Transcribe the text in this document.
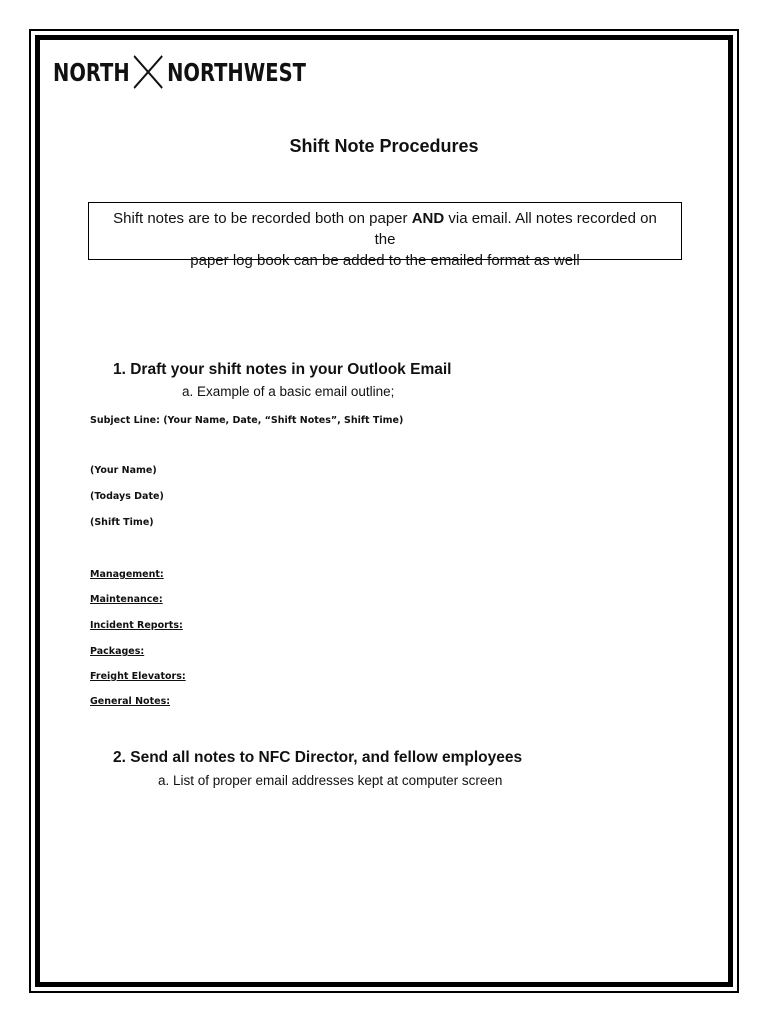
NORTH NORTHWEST
Shift Note Procedures
Shift notes are to be recorded both on paper AND via email. All notes recorded on the
paper log book can be added to the emailed format as well
1. Draft your shift notes in your Outlook Email
a. Example of a basic email outline;
Subject Line: (Your Name, Date, “Shift Notes”, Shift Time)
(Your Name)
(Todays Date)
(Shift Time)
Management:
Maintenance:
Incident Reports:
Packages:
Freight Elevators:
General Notes:
2. Send all notes to NFC Director, and fellow employees
a. List of proper email addresses kept at computer screen
